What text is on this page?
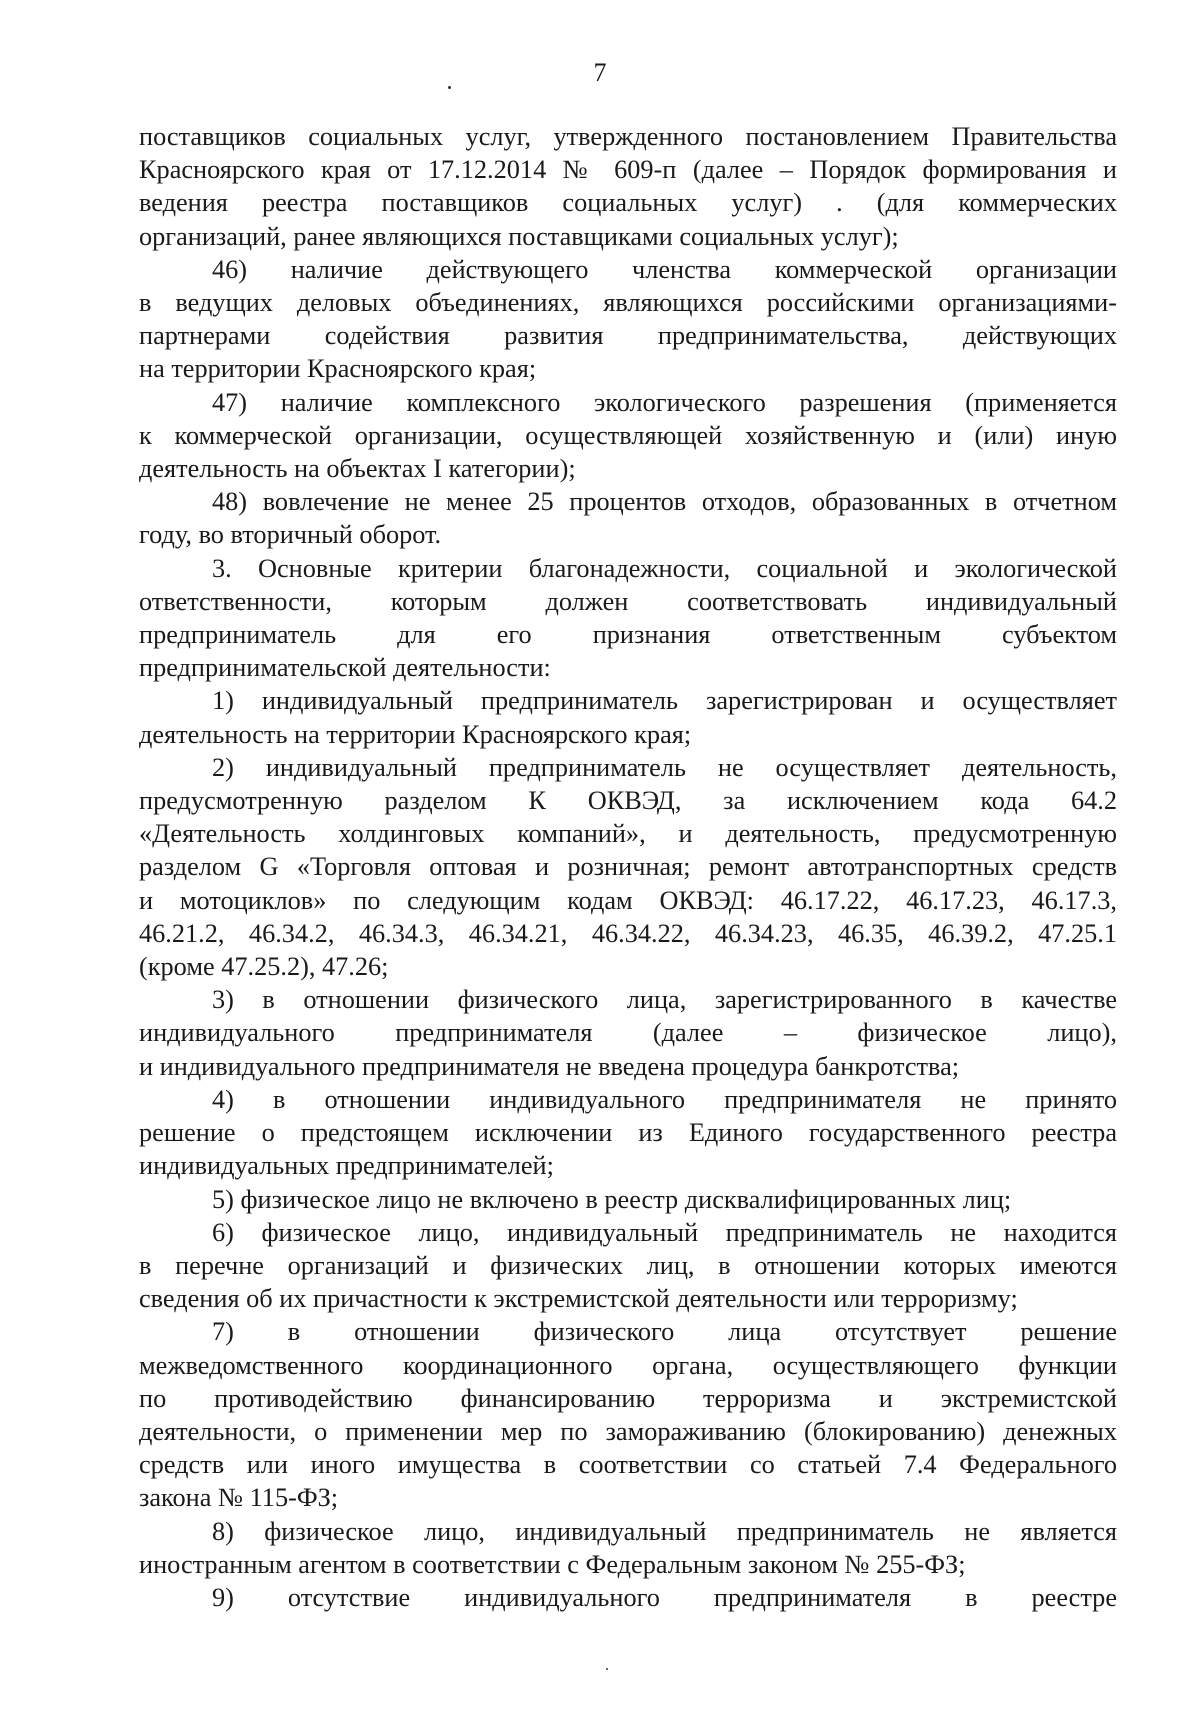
7
поставщиков социальных услуг, утвержденного постановлением Правительства
Красноярского края от 17.12.2014 № 609-п (далее – Порядок формирования и
ведения реестра поставщиков социальных услуг) . (для коммерческих
организаций, ранее являющихся поставщиками социальных услуг);
46) наличие действующего членства коммерческой организации
в ведущих деловых объединениях, являющихся российскими организациями-
партнерами содействия развития предпринимательства, действующих
на территории Красноярского края;
47) наличие комплексного экологического разрешения (применяется
к коммерческой организации, осуществляющей хозяйственную и (или) иную
деятельность на объектах I категории);
48) вовлечение не менее 25 процентов отходов, образованных в отчетном
году, во вторичный оборот.
3. Основные критерии благонадежности, социальной и экологической
ответственности, которым должен соответствовать индивидуальный
предприниматель для его признания ответственным субъектом
предпринимательской деятельности:
1) индивидуальный предприниматель зарегистрирован и осуществляет
деятельность на территории Красноярского края;
2) индивидуальный предприниматель не осуществляет деятельность,
предусмотренную разделом К ОКВЭД, за исключением кода 64.2
«Деятельность холдинговых компаний», и деятельность, предусмотренную
разделом G «Торговля оптовая и розничная; ремонт автотранспортных средств
и мотоциклов» по следующим кодам ОКВЭД: 46.17.22, 46.17.23, 46.17.3,
46.21.2, 46.34.2, 46.34.3, 46.34.21, 46.34.22, 46.34.23, 46.35, 46.39.2, 47.25.1
(кроме 47.25.2), 47.26;
3) в отношении физического лица, зарегистрированного в качестве
индивидуального предпринимателя (далее – физическое лицо),
и индивидуального предпринимателя не введена процедура банкротства;
4) в отношении индивидуального предпринимателя не принято
решение о предстоящем исключении из Единого государственного реестра
индивидуальных предпринимателей;
5) физическое лицо не включено в реестр дисквалифицированных лиц;
6) физическое лицо, индивидуальный предприниматель не находится
в перечне организаций и физических лиц, в отношении которых имеются
сведения об их причастности к экстремистской деятельности или терроризму;
7) в отношении физического лица отсутствует решение
межведомственного координационного органа, осуществляющего функции
по противодействию финансированию терроризма и экстремистской
деятельности, о применении мер по замораживанию (блокированию) денежных
средств или иного имущества в соответствии со статьей 7.4 Федерального
закона № 115-ФЗ;
8) физическое лицо, индивидуальный предприниматель не является
иностранным агентом в соответствии с Федеральным законом № 255-ФЗ;
9) отсутствие индивидуального предпринимателя в реестре
